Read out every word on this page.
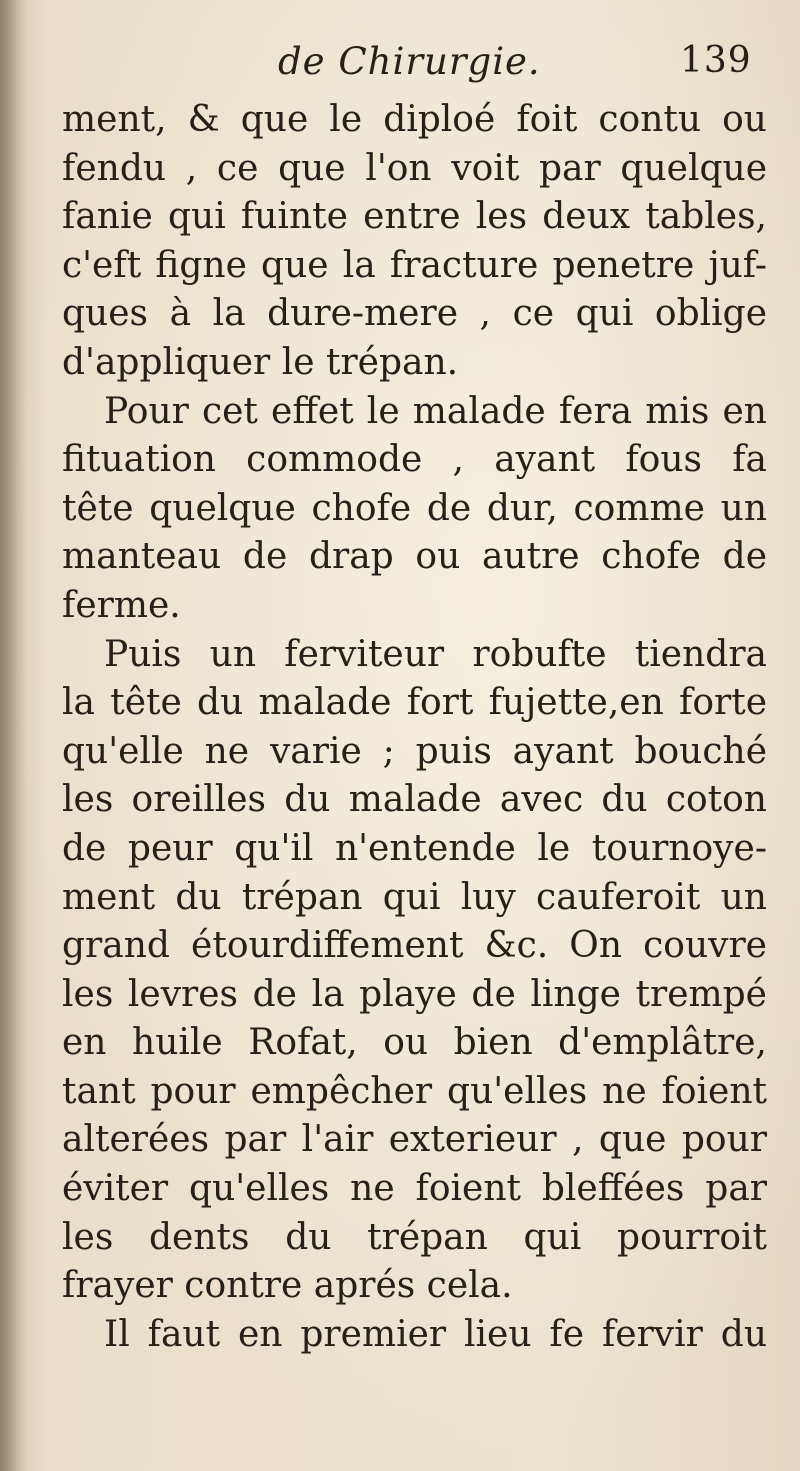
de Chirurgie.	139
ment, & que le diploé foit contu ou
fendu , ce que l'on voit par quelque
fanie qui fuinte entre les deux tables,
c'eft figne que la fracture penetre juf-
ques à la dure-mere , ce qui oblige
d'appliquer le trépan.
Pour cet effet le malade fera mis en
fituation commode , ayant fous fa
tête quelque chofe de dur, comme un
manteau de drap ou autre chofe de
ferme.
Puis un ferviteur robufte tiendra
la tête du malade fort fujette,en forte
qu'elle ne varie ; puis ayant bouché
les oreilles du malade avec du coton
de peur qu'il n'entende le tournoye-
ment du trépan qui luy cauferoit un
grand étourdiffement &c. On couvre
les levres de la playe de linge trempé
en huile Rofat, ou bien d'emplâtre,
tant pour empêcher qu'elles ne foient
alterées par l'air exterieur , que pour
éviter qu'elles ne foient bleffées par
les dents du trépan qui pourroit
frayer contre aprés cela.
Il faut en premier lieu fe fervir du
